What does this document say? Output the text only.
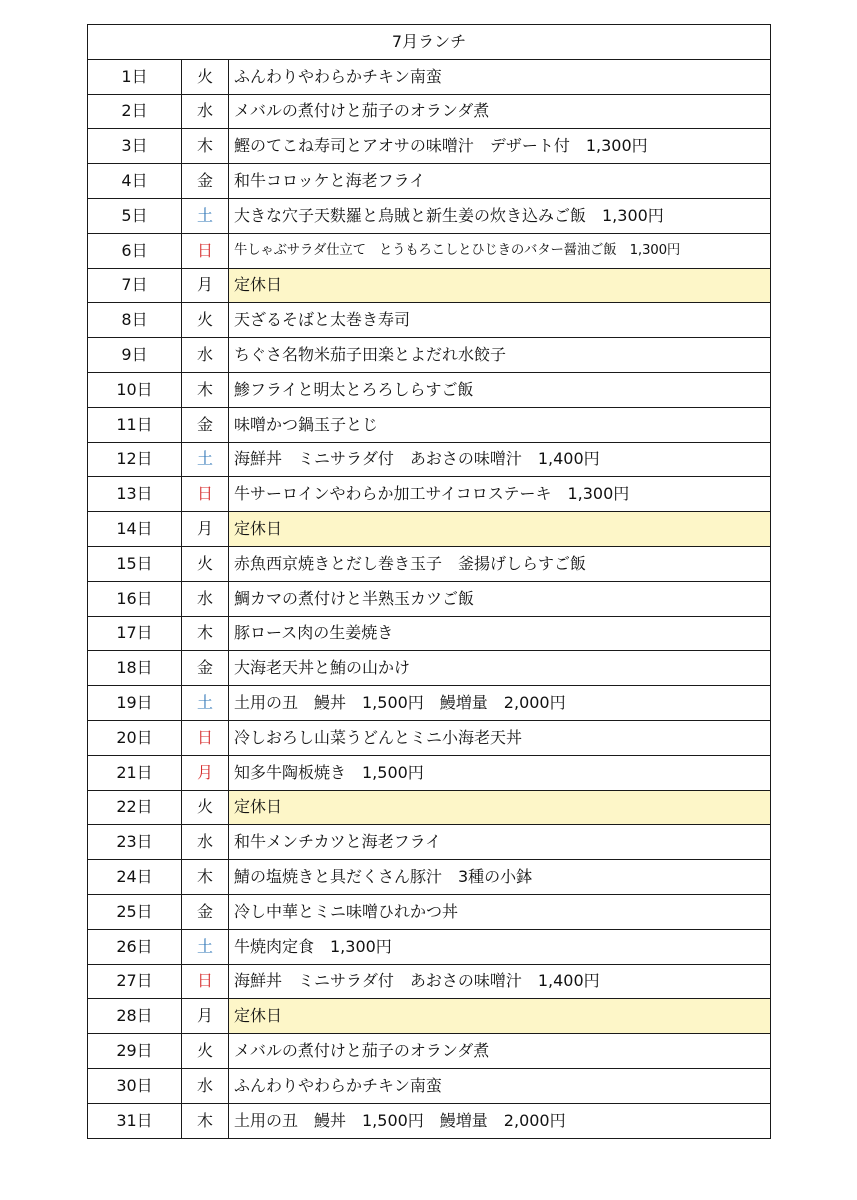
7月ランチ		
1日	火	ふんわりやわらかチキン南蛮
2日	水	メバルの煮付けと茄子のオランダ煮
3日	木	鰹のてこね寿司とアオサの味噌汁　デザート付　1,300円
4日	金	和牛コロッケと海老フライ
5日	土	大きな穴子天麩羅と烏賊と新生姜の炊き込みご飯　1,300円
6日	日	牛しゃぶサラダ仕立て　とうもろこしとひじきのバター醤油ご飯　1,300円
7日	月	定休日
8日	火	天ざるそばと太巻き寿司
9日	水	ちぐさ名物米茄子田楽とよだれ水餃子
10日	木	鯵フライと明太とろろしらすご飯
11日	金	味噌かつ鍋玉子とじ
12日	土	海鮮丼　ミニサラダ付　あおさの味噌汁　1,400円
13日	日	牛サーロインやわらか加工サイコロステーキ　1,300円
14日	月	定休日
15日	火	赤魚西京焼きとだし巻き玉子　釜揚げしらすご飯
16日	水	鯛カマの煮付けと半熟玉カツご飯
17日	木	豚ロース肉の生姜焼き
18日	金	大海老天丼と鮪の山かけ
19日	土	土用の丑　鰻丼　1,500円　鰻増量　2,000円
20日	日	冷しおろし山菜うどんとミニ小海老天丼
21日	月	知多牛陶板焼き　1,500円
22日	火	定休日
23日	水	和牛メンチカツと海老フライ
24日	木	鯖の塩焼きと具だくさん豚汁　3種の小鉢
25日	金	冷し中華とミニ味噌ひれかつ丼
26日	土	牛焼肉定食　1,300円
27日	日	海鮮丼　ミニサラダ付　あおさの味噌汁　1,400円
28日	月	定休日
29日	火	メバルの煮付けと茄子のオランダ煮
30日	水	ふんわりやわらかチキン南蛮
31日	木	土用の丑　鰻丼　1,500円　鰻増量　2,000円
